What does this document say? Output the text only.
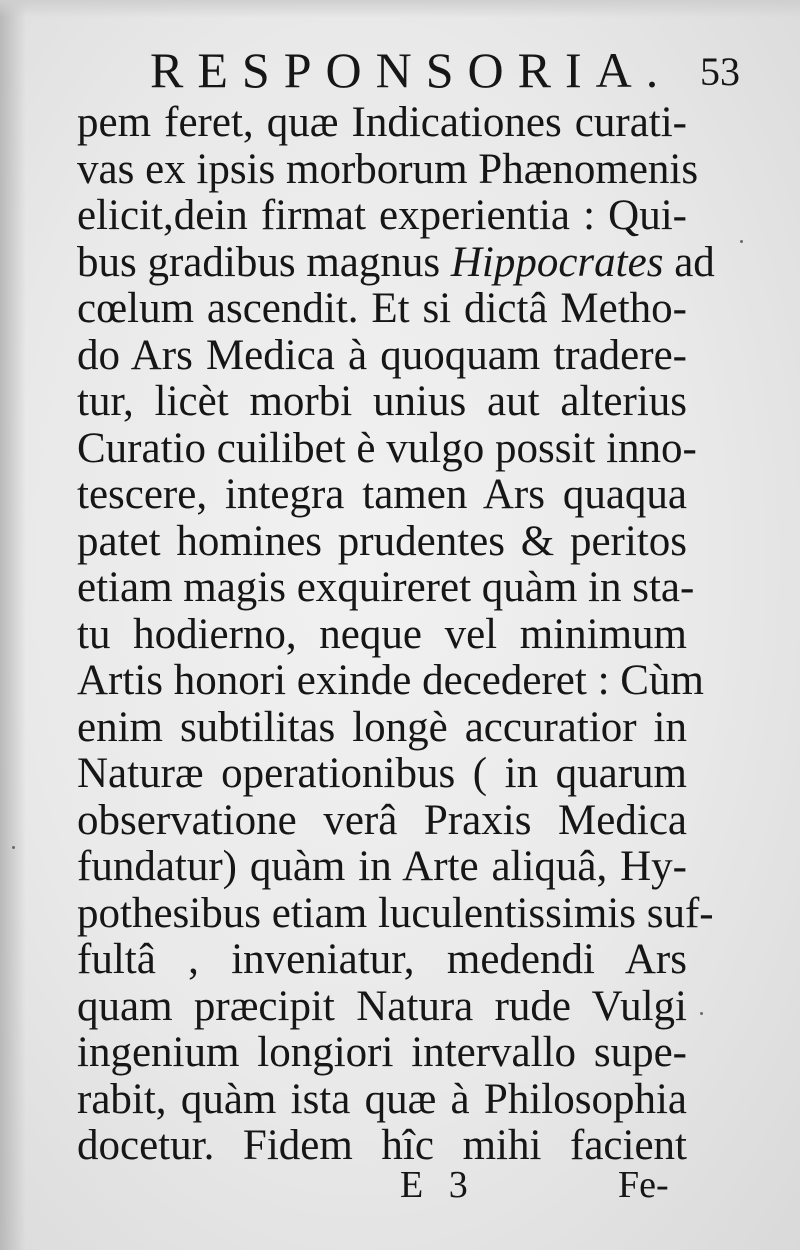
RESPONSORIA. 53
pem feret, quæ Indicationes curati-
vas ex ipsis morborum Phænomenis
elicit,dein firmat experientia : Qui-
bus gradibus magnus Hippocrates ad
cœlum ascendit. Et si dictâ Metho-
do Ars Medica à quoquam tradere-
tur, licèt morbi unius aut alterius
Curatio cuilibet è vulgo possit inno-
tescere, integra tamen Ars quaqua
patet homines prudentes & peritos
etiam magis exquireret quàm in sta-
tu hodierno, neque vel minimum
Artis honori exinde decederet : Cùm
enim subtilitas longè accuratior in
Naturæ operationibus ( in quarum
observatione verâ Praxis Medica
fundatur) quàm in Arte aliquâ, Hy-
pothesibus etiam luculentissimis suf-
fultâ , inveniatur, medendi Ars
quam præcipit Natura rude Vulgi
ingenium longiori intervallo supe-
rabit, quàm ista quæ à Philosophia
docetur. Fidem hîc mihi facient
E 3	Fe-
